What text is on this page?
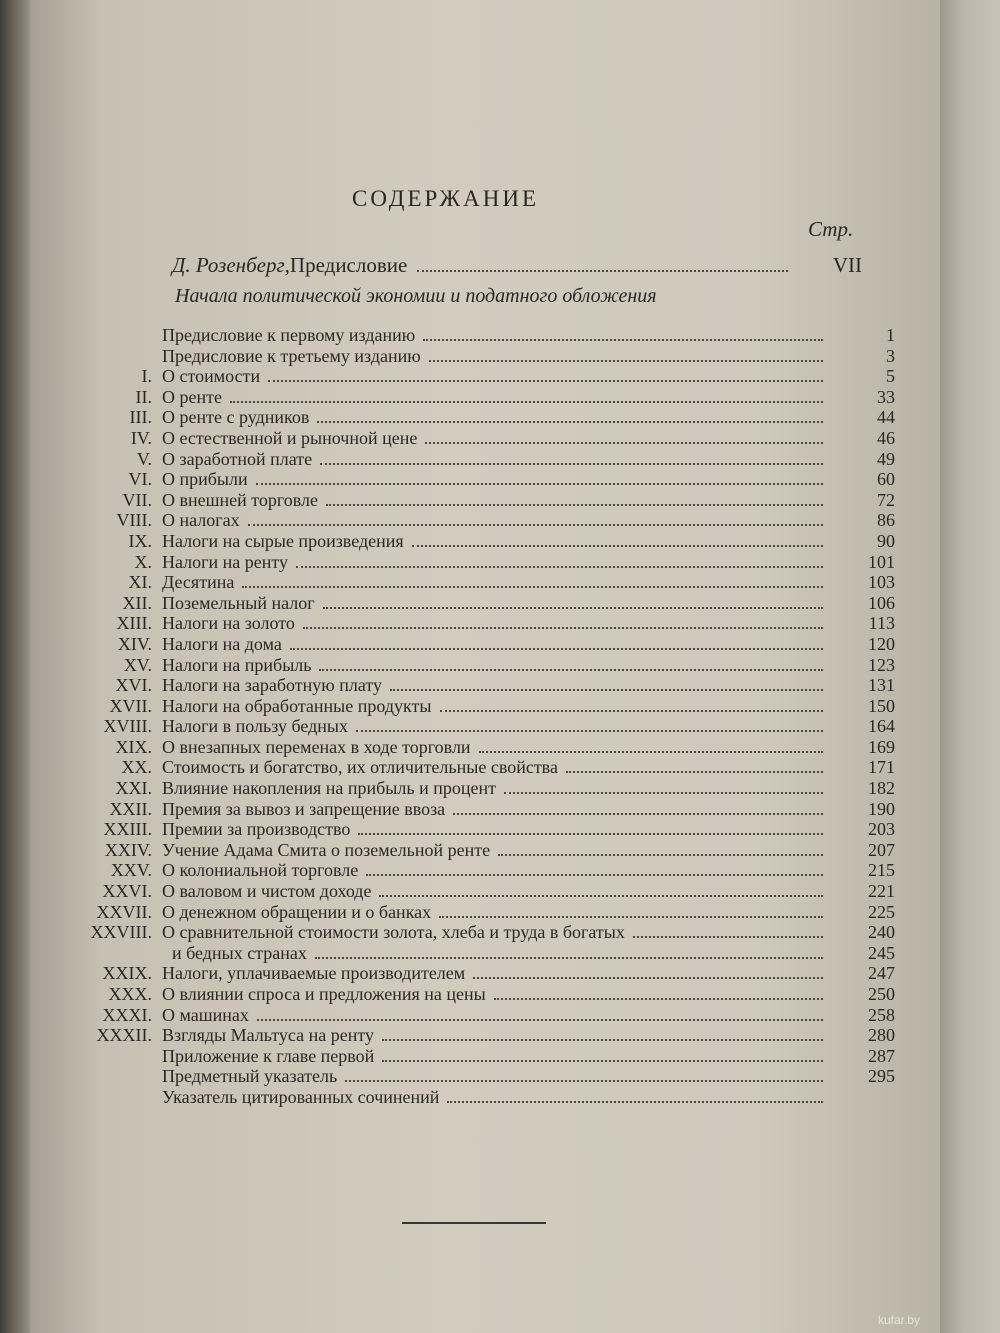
СОДЕРЖАНИЕ
Стр.
Д. Розенберг, Предисловие	VII
Начала политической экономии и податного обложения
Предисловие к первому изданию	1
Предисловие к третьему изданию	3
I. О стоимости	5
II. О ренте	33
III. О ренте с рудников	44
IV. О естественной и рыночной цене	46
V. О заработной плате	49
VI. О прибыли	60
VII. О внешней торговле	72
VIII. О налогах	86
IX. Налоги на сырые произведения	90
X. Налоги на ренту	101
XI. Десятина	103
XII. Поземельный налог	106
XIII. Налоги на золото	113
XIV. Налоги на дома	120
XV. Налоги на прибыль	123
XVI. Налоги на заработную плату	131
XVII. Налоги на обработанные продукты	150
XVIII. Налоги в пользу бедных	164
XIX. О внезапных переменах в ходе торговли	169
XX. Стоимость и богатство, их отличительные свойства	171
XXI. Влияние накопления на прибыль и процент	182
XXII. Премия за вывоз и запрещение ввоза	190
XXIII. Премии за производство	203
XXIV. Учение Адама Смита о поземельной ренте	207
XXV. О колониальной торговле	215
XXVI. О валовом и чистом доходе	221
XXVII. О денежном обращении и о банках	225
XXVIII. О сравнительной стоимости золота, хлеба и труда в богатых	240
и бедных странах	245
XXIX. Налоги, уплачиваемые производителем	247
XXX. О влиянии спроса и предложения на цены	250
XXXI. О машинах	258
XXXII. Взгляды Мальтуса на ренту	280
Приложение к главе первой	287
Предметный указатель	295
Указатель цитированных сочинений
kufar.by
